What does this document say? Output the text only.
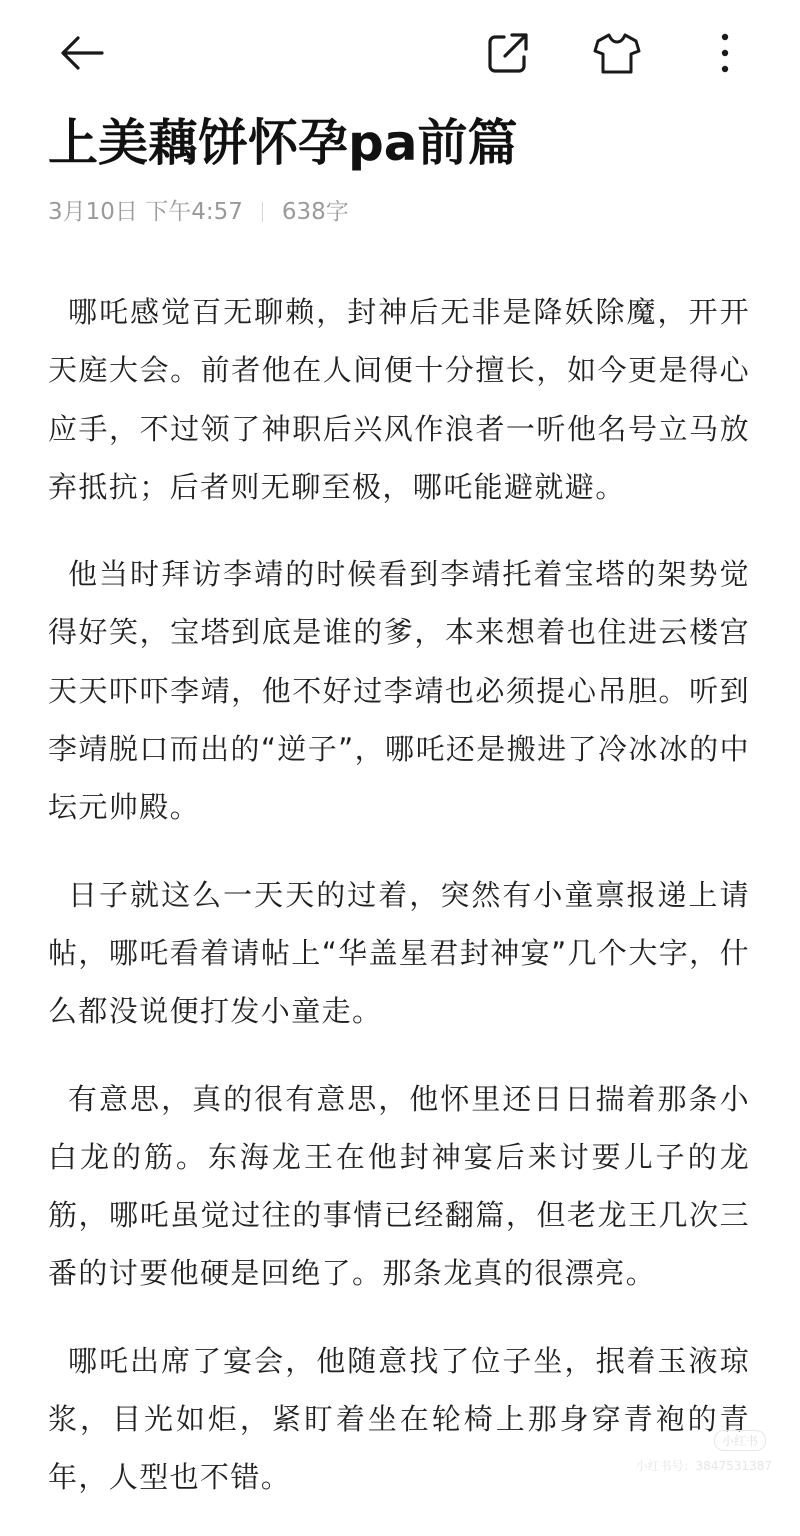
上美藕饼怀孕pa前篇
3月10日 下午4:57 638字

哪吒感觉百无聊赖，封神后无非是降妖除魔，开开天庭大会。前者他在人间便十分擅长，如今更是得心应手，不过领了神职后兴风作浪者一听他名号立马放弃抵抗；后者则无聊至极，哪吒能避就避。

他当时拜访李靖的时候看到李靖托着宝塔的架势觉得好笑，宝塔到底是谁的爹，本来想着也住进云楼宫天天吓吓李靖，他不好过李靖也必须提心吊胆。听到李靖脱口而出的“逆子”，哪吒还是搬进了冷冰冰的中坛元帅殿。

日子就这么一天天的过着，突然有小童禀报递上请帖，哪吒看着请帖上“华盖星君封神宴”几个大字，什么都没说便打发小童走。

有意思，真的很有意思，他怀里还日日揣着那条小白龙的筋。东海龙王在他封神宴后来讨要儿子的龙筋，哪吒虽觉过往的事情已经翻篇，但老龙王几次三番的讨要他硬是回绝了。那条龙真的很漂亮。

哪吒出席了宴会，他随意找了位子坐，抿着玉液琼浆，目光如炬，紧盯着坐在轮椅上那身穿青袍的青年，人型也不错。

小红书
小红书号：3847531387
